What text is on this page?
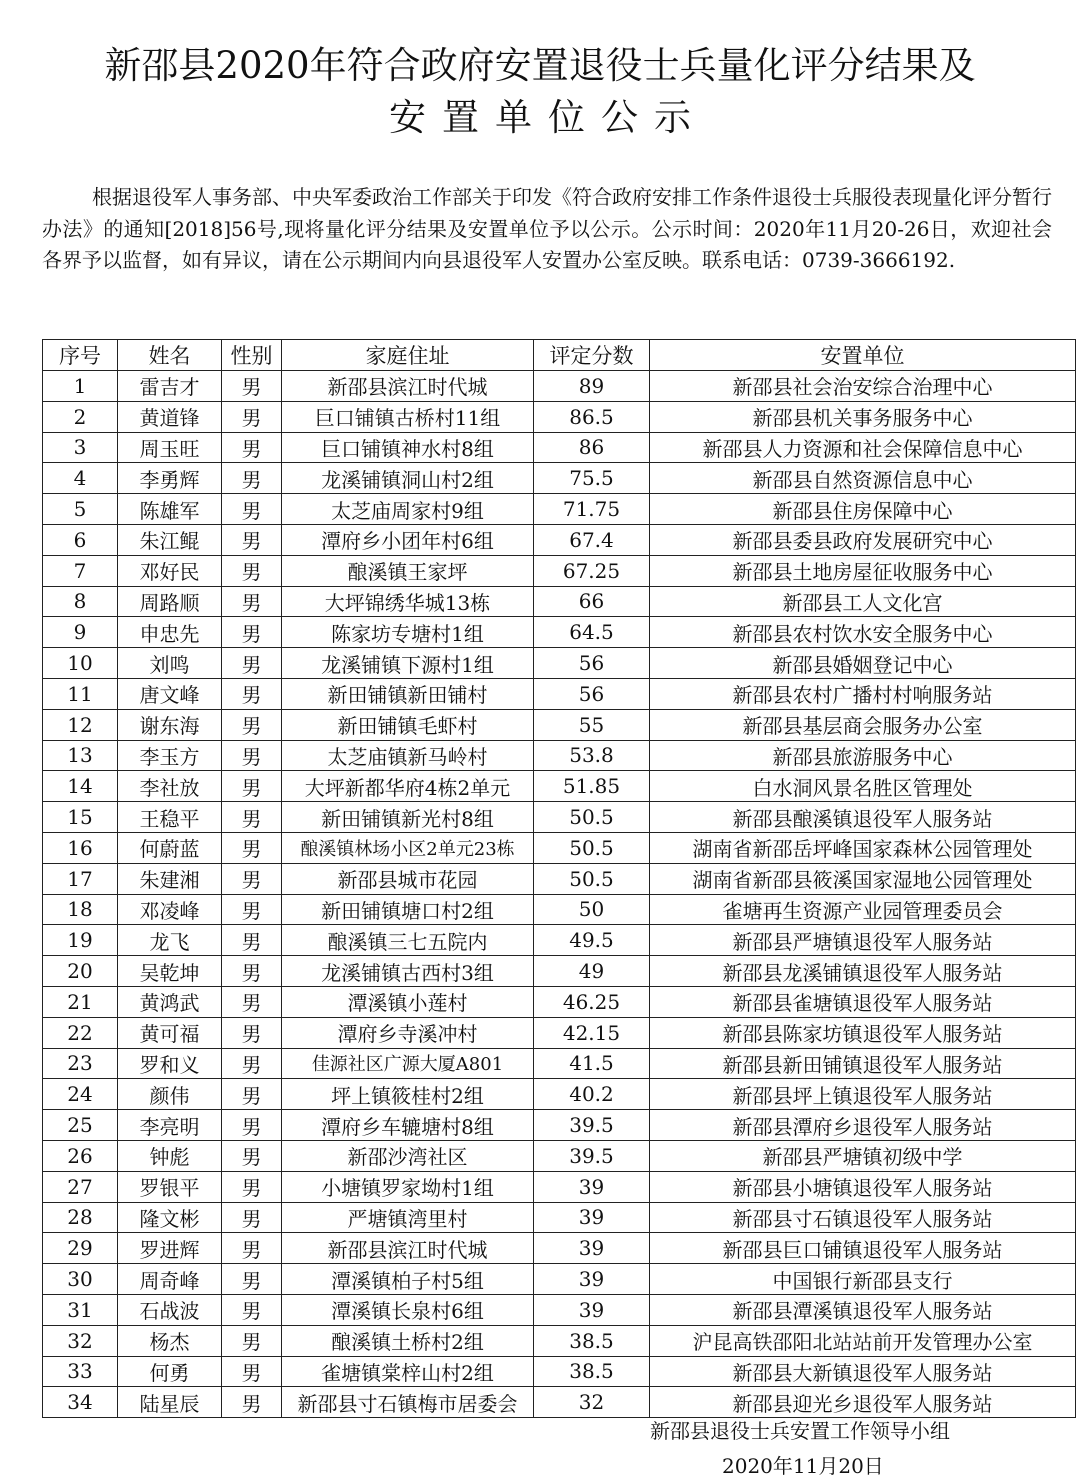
新邵县2020年符合政府安置退役士兵量化评分结果及
安置单位公示
根据退役军人事务部、中央军委政治工作部关于印发《符合政府安排工作条件退役士兵服役表现量化评分暂行办法》的通知[2018]56号,现将量化评分结果及安置单位予以公示。公示时间：2020年11月20-26日，欢迎社会各界予以监督，如有异议，请在公示期间内向县退役军人安置办公室反映。联系电话：0739-3666192.
序号	姓名	性别	家庭住址	评定分数	安置单位
1	雷吉才	男	新邵县滨江时代城	89	新邵县社会治安综合治理中心
2	黄道锋	男	巨口铺镇古桥村11组	86.5	新邵县机关事务服务中心
3	周玉旺	男	巨口铺镇神水村8组	86	新邵县人力资源和社会保障信息中心
4	李勇辉	男	龙溪铺镇洞山村2组	75.5	新邵县自然资源信息中心
5	陈雄军	男	太芝庙周家村9组	71.75	新邵县住房保障中心
6	朱江鲲	男	潭府乡小团年村6组	67.4	新邵县委县政府发展研究中心
7	邓好民	男	酿溪镇王家坪	67.25	新邵县土地房屋征收服务中心
8	周路顺	男	大坪锦绣华城13栋	66	新邵县工人文化宫
9	申忠先	男	陈家坊专塘村1组	64.5	新邵县农村饮水安全服务中心
10	刘鸣	男	龙溪铺镇下源村1组	56	新邵县婚姻登记中心
11	唐文峰	男	新田铺镇新田铺村	56	新邵县农村广播村村响服务站
12	谢东海	男	新田铺镇毛虾村	55	新邵县基层商会服务办公室
13	李玉方	男	太芝庙镇新马岭村	53.8	新邵县旅游服务中心
14	李社放	男	大坪新都华府4栋2单元	51.85	白水洞风景名胜区管理处
15	王稳平	男	新田铺镇新光村8组	50.5	新邵县酿溪镇退役军人服务站
16	何蔚蓝	男	酿溪镇林场小区2单元23栋	50.5	湖南省新邵岳坪峰国家森林公园管理处
17	朱建湘	男	新邵县城市花园	50.5	湖南省新邵县筱溪国家湿地公园管理处
18	邓凌峰	男	新田铺镇塘口村2组	50	雀塘再生资源产业园管理委员会
19	龙飞	男	酿溪镇三七五院内	49.5	新邵县严塘镇退役军人服务站
20	吴乾坤	男	龙溪铺镇古西村3组	49	新邵县龙溪铺镇退役军人服务站
21	黄鸿武	男	潭溪镇小莲村	46.25	新邵县雀塘镇退役军人服务站
22	黄可福	男	潭府乡寺溪冲村	42.15	新邵县陈家坊镇退役军人服务站
23	罗和义	男	佳源社区广源大厦A801	41.5	新邵县新田铺镇退役军人服务站
24	颜伟	男	坪上镇筱桂村2组	40.2	新邵县坪上镇退役军人服务站
25	李亮明	男	潭府乡车辘塘村8组	39.5	新邵县潭府乡退役军人服务站
26	钟彪	男	新邵沙湾社区	39.5	新邵县严塘镇初级中学
27	罗银平	男	小塘镇罗家坳村1组	39	新邵县小塘镇退役军人服务站
28	隆文彬	男	严塘镇湾里村	39	新邵县寸石镇退役军人服务站
29	罗进辉	男	新邵县滨江时代城	39	新邵县巨口铺镇退役军人服务站
30	周奇峰	男	潭溪镇柏子村5组	39	中国银行新邵县支行
31	石战波	男	潭溪镇长泉村6组	39	新邵县潭溪镇退役军人服务站
32	杨杰	男	酿溪镇土桥村2组	38.5	沪昆高铁邵阳北站站前开发管理办公室
33	何勇	男	雀塘镇棠梓山村2组	38.5	新邵县大新镇退役军人服务站
34	陆星辰	男	新邵县寸石镇梅市居委会	32	新邵县迎光乡退役军人服务站
新邵县退役士兵安置工作领导小组
2020年11月20日
